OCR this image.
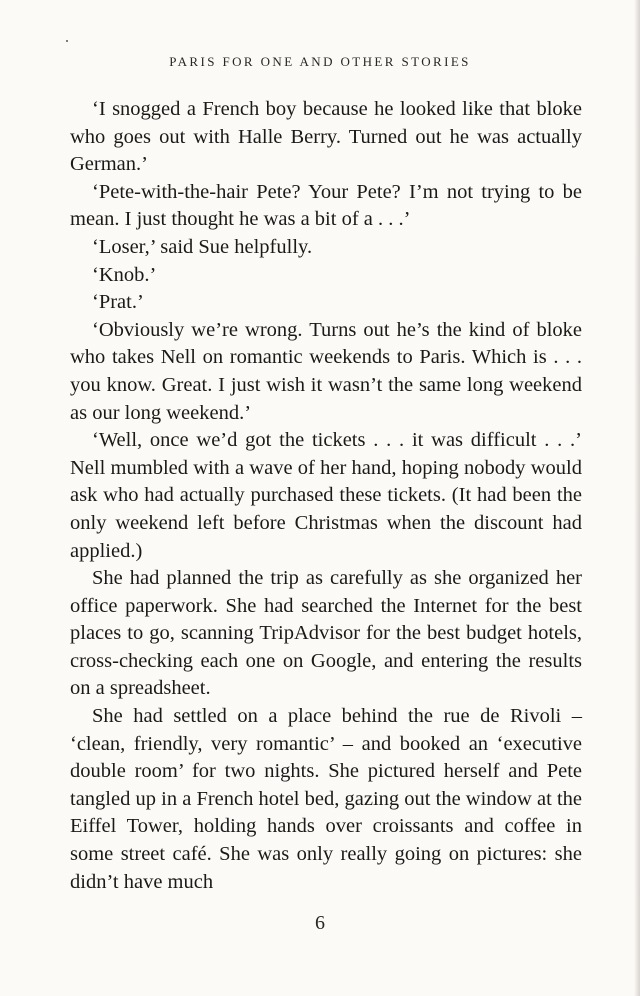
PARIS FOR ONE AND OTHER STORIES

‘I snogged a French boy because he looked like that bloke who goes out with Halle Berry. Turned out he was actually German.’

‘Pete-with-the-hair Pete? Your Pete? I’m not trying to be mean. I just thought he was a bit of a . . .’

‘Loser,’ said Sue helpfully.

‘Knob.’

‘Prat.’

‘Obviously we’re wrong. Turns out he’s the kind of bloke who takes Nell on romantic weekends to Paris. Which is . . . you know. Great. I just wish it wasn’t the same long weekend as our long weekend.’

‘Well, once we’d got the tickets . . . it was difficult . . .’ Nell mumbled with a wave of her hand, hoping nobody would ask who had actually purchased these tickets. (It had been the only weekend left before Christmas when the discount had applied.)

She had planned the trip as carefully as she organized her office paperwork. She had searched the Internet for the best places to go, scanning TripAdvisor for the best budget hotels, cross-checking each one on Google, and entering the results on a spreadsheet.

She had settled on a place behind the rue de Rivoli – ‘clean, friendly, very romantic’ – and booked an ‘executive double room’ for two nights. She pictured herself and Pete tangled up in a French hotel bed, gazing out the window at the Eiffel Tower, holding hands over croissants and coffee in some street café. She was only really going on pictures: she didn’t have much

6
